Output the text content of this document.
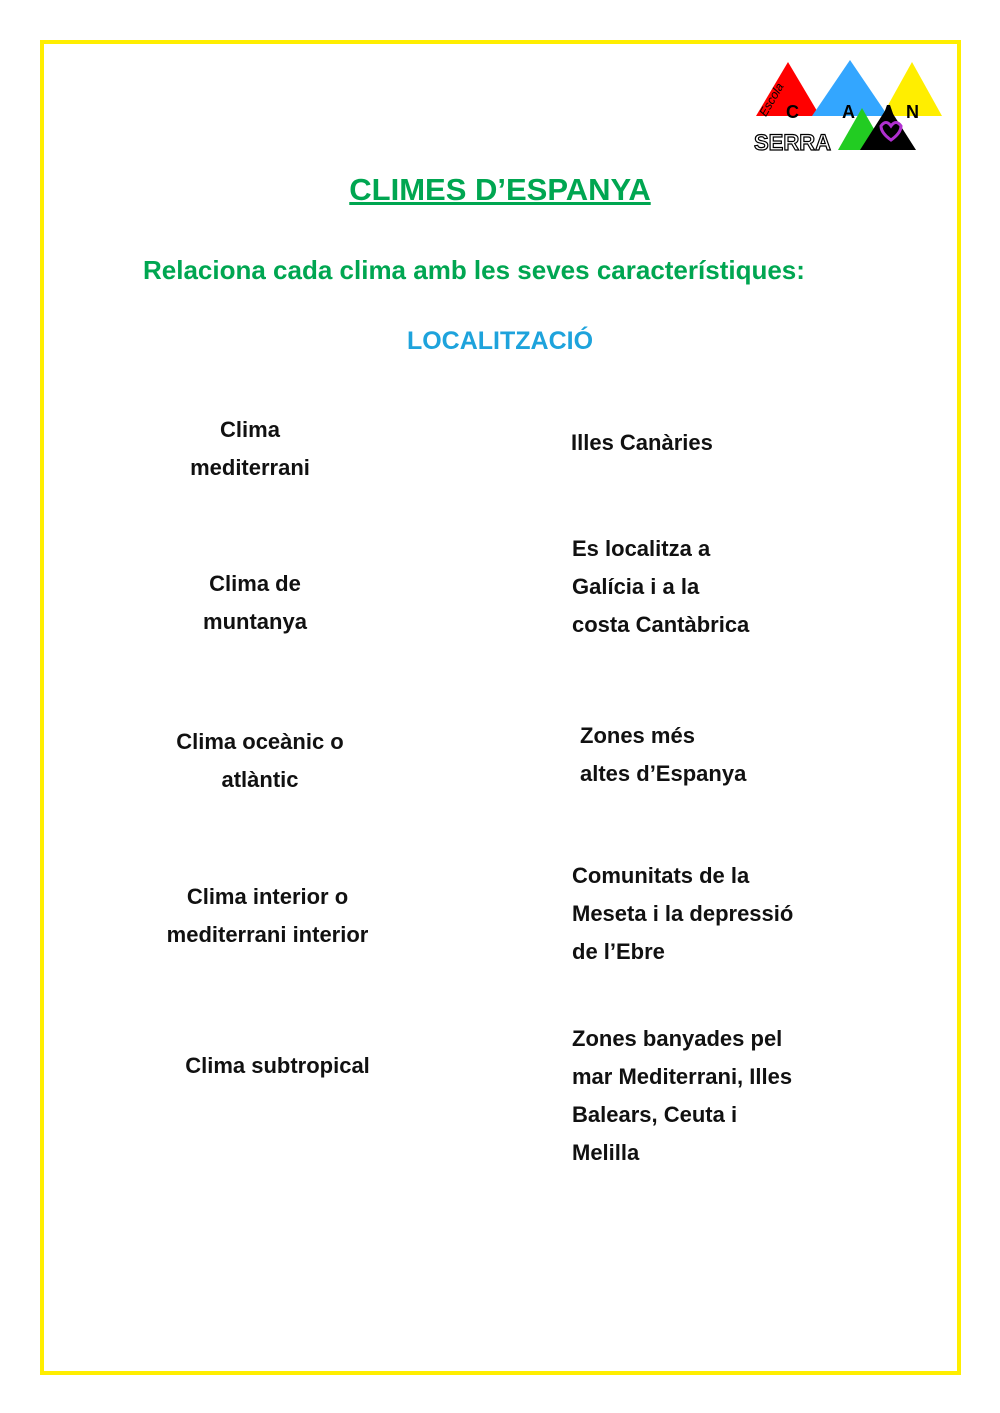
Escola C A A N
SERRA
CLIMES D’ESPANYA
Relaciona cada clima amb les seves característiques:
LOCALITZACIÓ
Clima
mediterrani
Clima de
muntanya
Clima oceànic o
atlàntic
Clima interior o
mediterrani interior
Clima subtropical
Illes Canàries
Es localitza a
Galícia i a la
costa Cantàbrica
Zones més
altes d’Espanya
Comunitats de la
Meseta i la depressió
de l’Ebre
Zones banyades pel
mar Mediterrani, Illes
Balears, Ceuta i
Melilla
